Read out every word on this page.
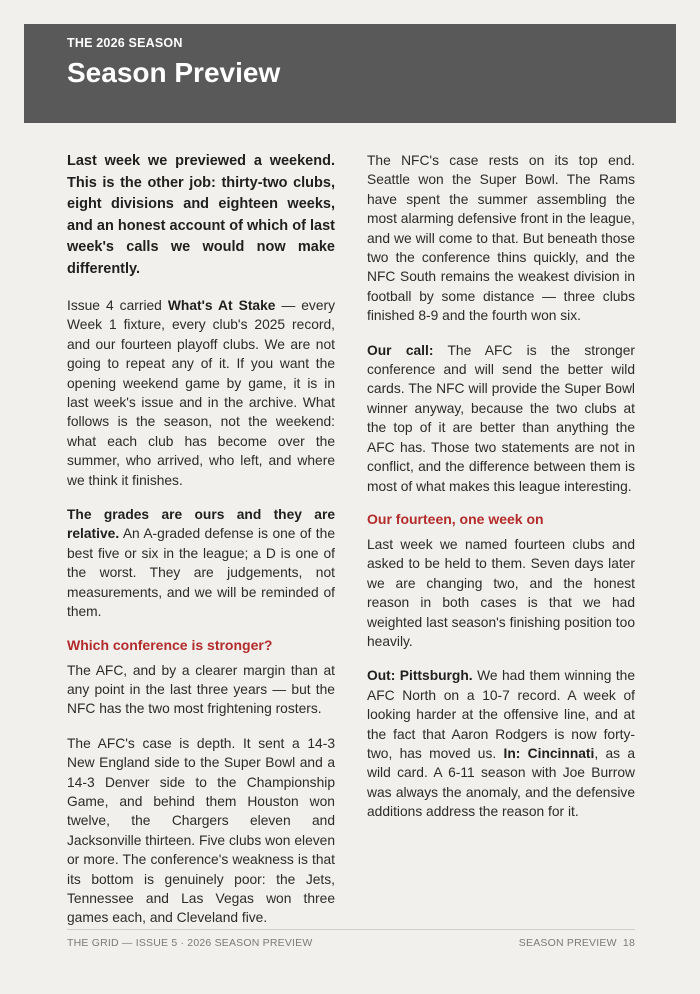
THE 2026 SEASON
Season Preview

Last week we previewed a weekend. This is the other job: thirty-two clubs, eight divisions and eighteen weeks, and an honest account of which of last week's calls we would now make differently.

Issue 4 carried What's At Stake — every Week 1 fixture, every club's 2025 record, and our fourteen playoff clubs. We are not going to repeat any of it. If you want the opening weekend game by game, it is in last week's issue and in the archive. What follows is the season, not the weekend: what each club has become over the summer, who arrived, who left, and where we think it finishes.

The grades are ours and they are relative. An A-graded defense is one of the best five or six in the league; a D is one of the worst. They are judgements, not measurements, and we will be reminded of them.

Which conference is stronger?

The AFC, and by a clearer margin than at any point in the last three years — but the NFC has the two most frightening rosters.

The AFC's case is depth. It sent a 14-3 New England side to the Super Bowl and a 14-3 Denver side to the Championship Game, and behind them Houston won twelve, the Chargers eleven and Jacksonville thirteen. Five clubs won eleven or more. The conference's weakness is that its bottom is genuinely poor: the Jets, Tennessee and Las Vegas won three games each, and Cleveland five.

The NFC's case rests on its top end. Seattle won the Super Bowl. The Rams have spent the summer assembling the most alarming defensive front in the league, and we will come to that. But beneath those two the conference thins quickly, and the NFC South remains the weakest division in football by some distance — three clubs finished 8-9 and the fourth won six.

Our call: The AFC is the stronger conference and will send the better wild cards. The NFC will provide the Super Bowl winner anyway, because the two clubs at the top of it are better than anything the AFC has. Those two statements are not in conflict, and the difference between them is most of what makes this league interesting.

Our fourteen, one week on

Last week we named fourteen clubs and asked to be held to them. Seven days later we are changing two, and the honest reason in both cases is that we had weighted last season's finishing position too heavily.

Out: Pittsburgh. We had them winning the AFC North on a 10-7 record. A week of looking harder at the offensive line, and at the fact that Aaron Rodgers is now forty-two, has moved us. In: Cincinnati, as a wild card. A 6-11 season with Joe Burrow was always the anomaly, and the defensive additions address the reason for it.

THE GRID — ISSUE 5 · 2026 SEASON PREVIEW	SEASON PREVIEW  18
